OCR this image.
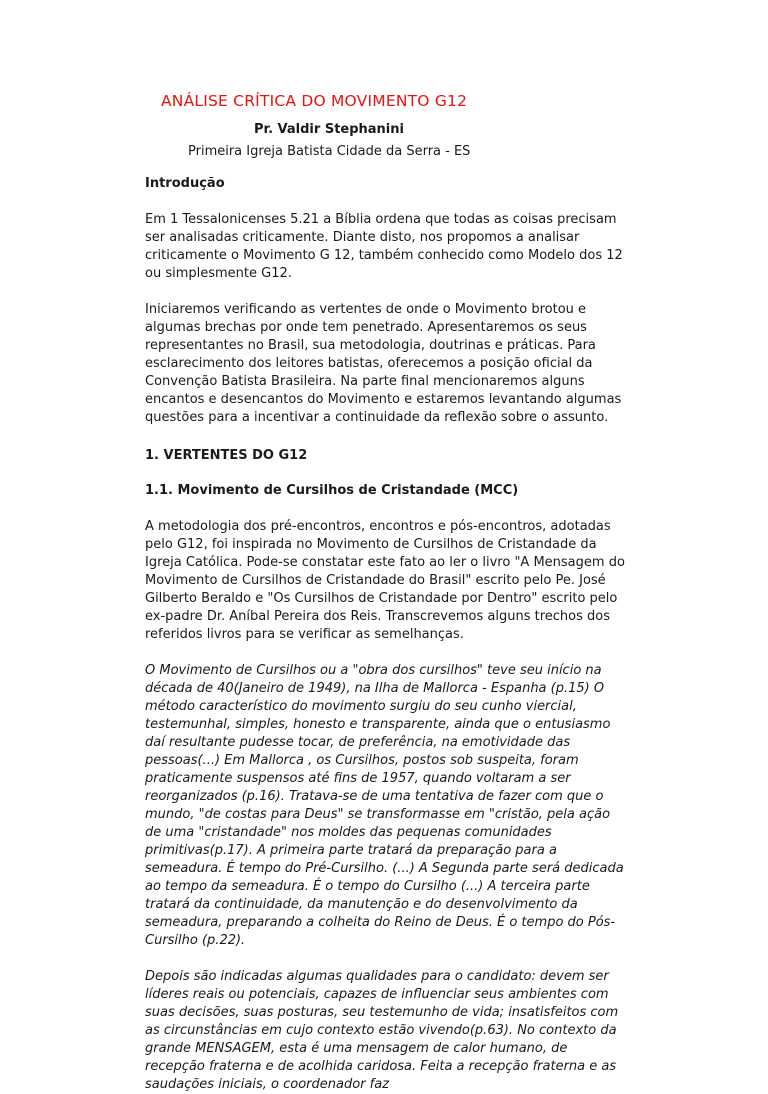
ANÁLISE CRÍTICA DO MOVIMENTO G12
Pr. Valdir Stephanini
Primeira Igreja Batista Cidade da Serra - ES
Introdução

Em 1 Tessalonicenses 5.21 a Bíblia ordena que todas as coisas precisam ser analisadas criticamente. Diante disto, nos propomos a analisar criticamente o Movimento G 12, também conhecido como Modelo dos 12 ou simplesmente G12.

Iniciaremos verificando as vertentes de onde o Movimento brotou e algumas brechas por onde tem penetrado. Apresentaremos os seus representantes no Brasil, sua metodologia, doutrinas e práticas. Para esclarecimento dos leitores batistas, oferecemos a posição oficial da Convenção Batista Brasileira. Na parte final mencionaremos alguns encantos e desencantos do Movimento e estaremos levantando algumas questões para a incentivar a continuidade da reflexão sobre o assunto.

1. VERTENTES DO G12
1.1. Movimento de Cursilhos de Cristandade (MCC)

A metodologia dos pré-encontros, encontros e pós-encontros, adotadas pelo G12, foi inspirada no Movimento de Cursilhos de Cristandade da Igreja Católica. Pode-se constatar este fato ao ler o livro "A Mensagem do Movimento de Cursilhos de Cristandade do Brasil" escrito pelo Pe. José Gilberto Beraldo e "Os Cursilhos de Cristandade por Dentro" escrito pelo ex-padre Dr. Aníbal Pereira dos Reis. Transcrevemos alguns trechos dos referidos livros para se verificar as semelhanças.

O Movimento de Cursilhos ou a "obra dos cursilhos" teve seu início na década de 40(Janeiro de 1949), na Ilha de Mallorca - Espanha (p.15) O método característico do movimento surgiu do seu cunho viercial, testemunhal, simples, honesto e transparente, ainda que o entusiasmo daí resultante pudesse tocar, de preferência, na emotividade das pessoas(...) Em Mallorca , os Cursilhos, postos sob suspeita, foram praticamente suspensos até fins de 1957, quando voltaram a ser reorganizados (p.16). Tratava-se de uma tentativa de fazer com que o mundo, "de costas para Deus" se transformasse em "cristão, pela ação de uma "cristandade" nos moldes das pequenas comunidades primitivas(p.17). A primeira parte tratará da preparação para a semeadura. É tempo do Pré-Cursilho. (...) A Segunda parte será dedicada ao tempo da semeadura. É o tempo do Cursilho (...) A terceira parte tratará da continuidade, da manutenção e do desenvolvimento da semeadura, preparando a colheita do Reino de Deus. É o tempo do Pós-Cursilho (p.22).

Depois são indicadas algumas qualidades para o candidato: devem ser líderes reais ou potenciais, capazes de influenciar seus ambientes com suas decisões, suas posturas, seu testemunho de vida; insatisfeitos com as circunstâncias em cujo contexto estão vivendo(p.63). No contexto da grande MENSAGEM, esta é uma mensagem de calor humano, de recepção fraterna e de acolhida caridosa. Feita a recepção fraterna e as saudações iniciais, o coordenador faz
